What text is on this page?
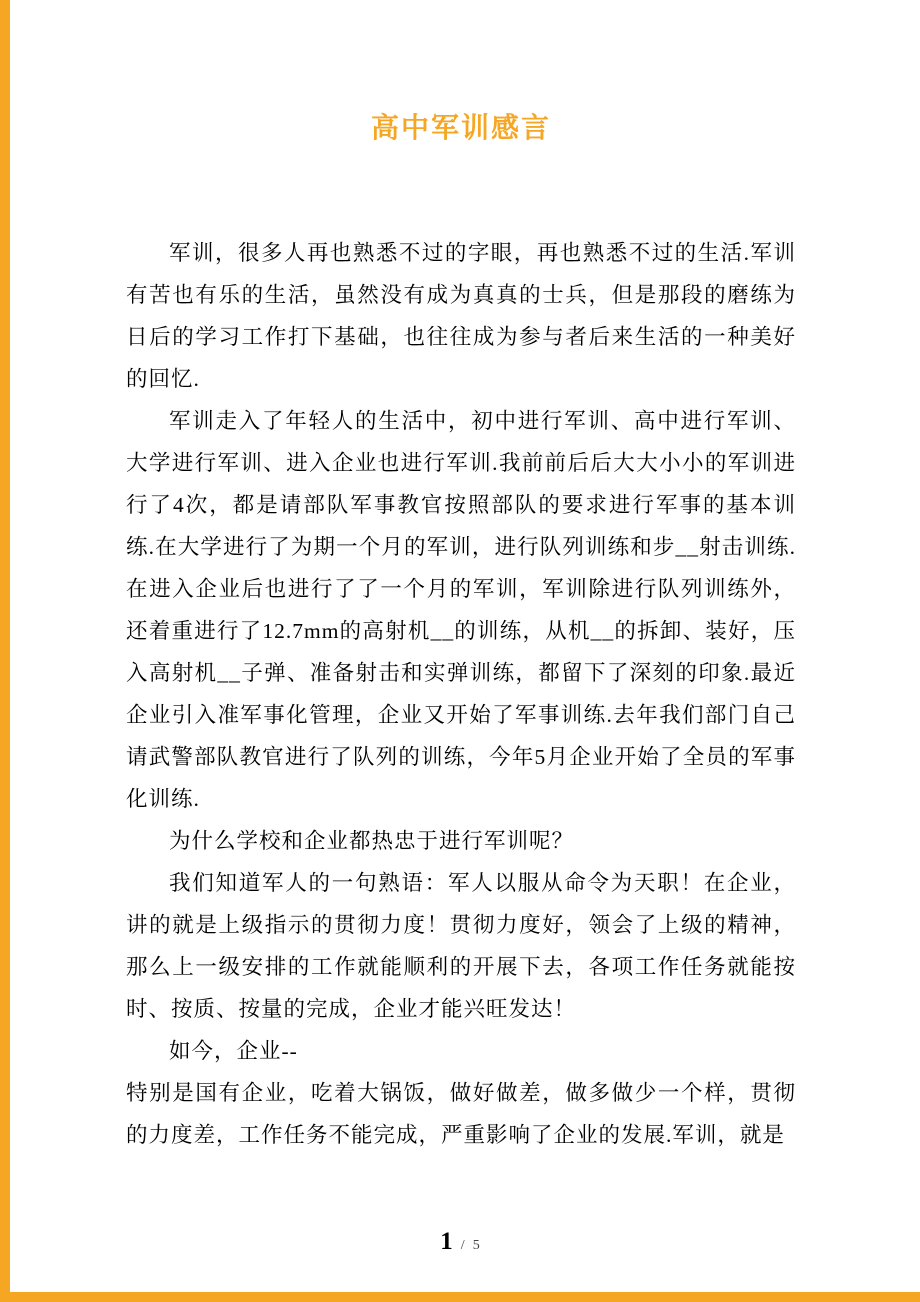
高中军训感言

军训，很多人再也熟悉不过的字眼，再也熟悉不过的生活.军训有苦也有乐的生活，虽然没有成为真真的士兵，但是那段的磨练为日后的学习工作打下基础，也往往成为参与者后来生活的一种美好的回忆.

军训走入了年轻人的生活中，初中进行军训、高中进行军训、大学进行军训、进入企业也进行军训.我前前后后大大小小的军训进行了4次，都是请部队军事教官按照部队的要求进行军事的基本训练.在大学进行了为期一个月的军训，进行队列训练和步__射击训练.在进入企业后也进行了了一个月的军训，军训除进行队列训练外，还着重进行了12.7mm的高射机__的训练，从机__的拆卸、装好，压入高射机__子弹、准备射击和实弹训练，都留下了深刻的印象.最近企业引入准军事化管理，企业又开始了军事训练.去年我们部门自己请武警部队教官进行了队列的训练，今年5月企业开始了全员的军事化训练.

为什么学校和企业都热忠于进行军训呢？

我们知道军人的一句熟语：军人以服从命令为天职！在企业，讲的就是上级指示的贯彻力度！贯彻力度好，领会了上级的精神，那么上一级安排的工作就能顺利的开展下去，各项工作任务就能按时、按质、按量的完成，企业才能兴旺发达！

如今，企业--

特别是国有企业，吃着大锅饭，做好做差，做多做少一个样，贯彻的力度差，工作任务不能完成，严重影响了企业的发展.军训，就是

1 / 5
